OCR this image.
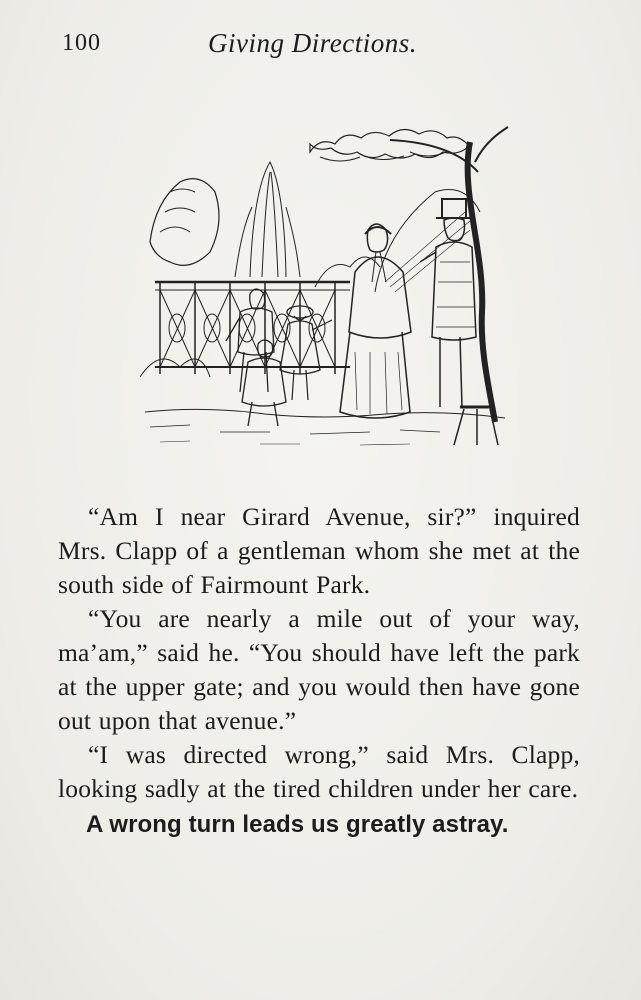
100	Giving Directions.

“Am I near Girard Avenue, sir?” inquired Mrs. Clapp of a gentleman whom she met at the south side of Fairmount Park.

“You are nearly a mile out of your way, ma’am,” said he. “You should have left the park at the upper gate; and you would then have gone out upon that avenue.”

“I was directed wrong,” said Mrs. Clapp, looking sadly at the tired children under her care.

A wrong turn leads us greatly astray.
